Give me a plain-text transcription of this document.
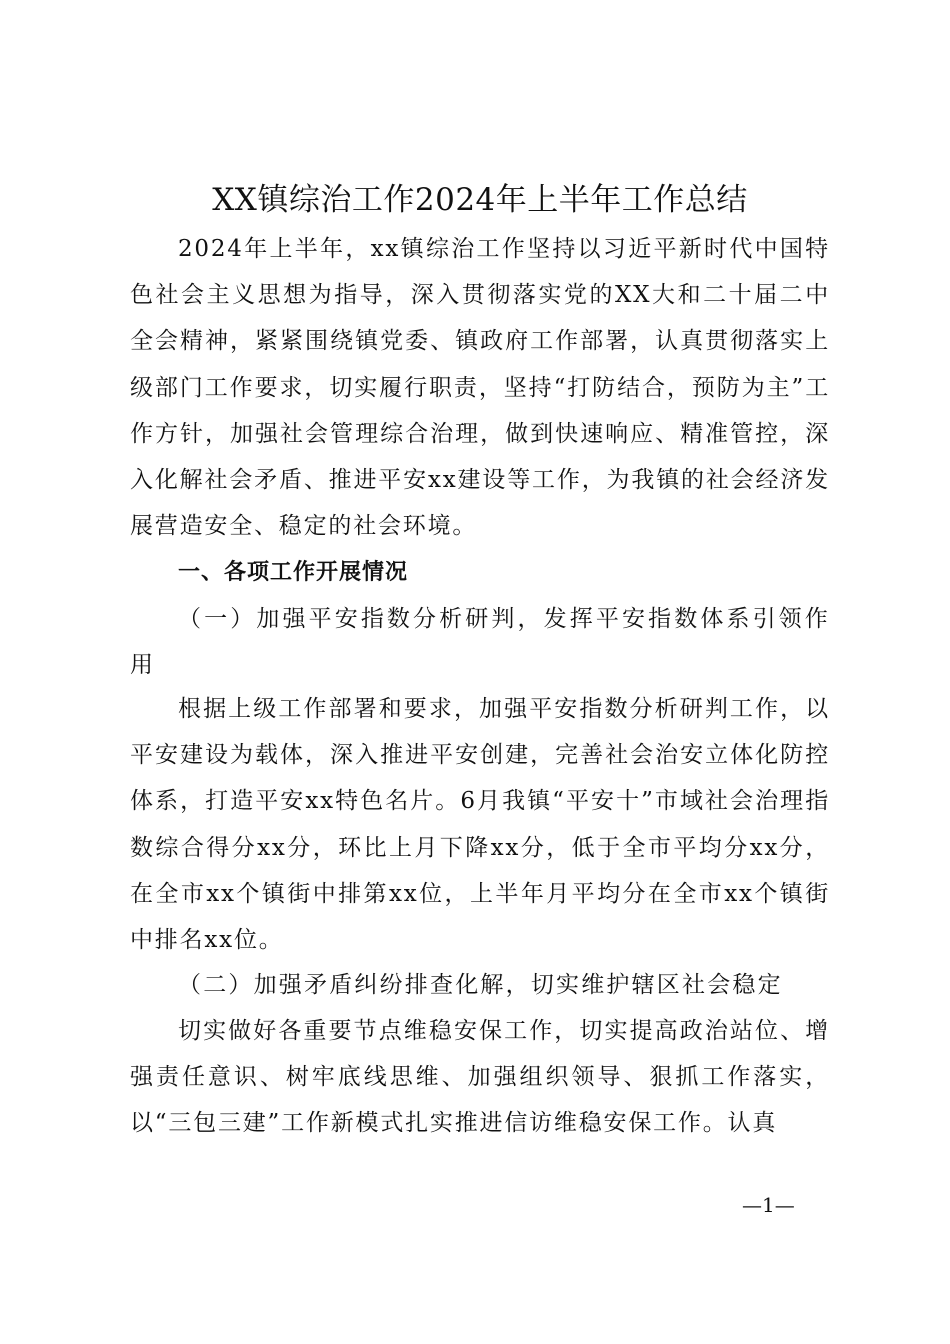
XX镇综治工作2024年上半年工作总结
2024年上半年，xx镇综治工作坚持以习近平新时代中国特色社会主义思想为指导，深入贯彻落实党的XX大和二十届二中全会精神，紧紧围绕镇党委、镇政府工作部署，认真贯彻落实上级部门工作要求，切实履行职责，坚持“打防结合，预防为主”工作方针，加强社会管理综合治理，做到快速响应、精准管控，深入化解社会矛盾、推进平安xx建设等工作，为我镇的社会经济发展营造安全、稳定的社会环境。
一、各项工作开展情况
（一）加强平安指数分析研判，发挥平安指数体系引领作用
根据上级工作部署和要求，加强平安指数分析研判工作，以平安建设为载体，深入推进平安创建，完善社会治安立体化防控体系，打造平安xx特色名片。6月我镇“平安十”市域社会治理指数综合得分xx分，环比上月下降xx分，低于全市平均分xx分，在全市xx个镇街中排第xx位，上半年月平均分在全市xx个镇街中排名xx位。
（二）加强矛盾纠纷排查化解，切实维护辖区社会稳定
切实做好各重要节点维稳安保工作，切实提高政治站位、增强责任意识、树牢底线思维、加强组织领导、狠抓工作落实，以“三包三建”工作新模式扎实推进信访维稳安保工作。认真
—1—
